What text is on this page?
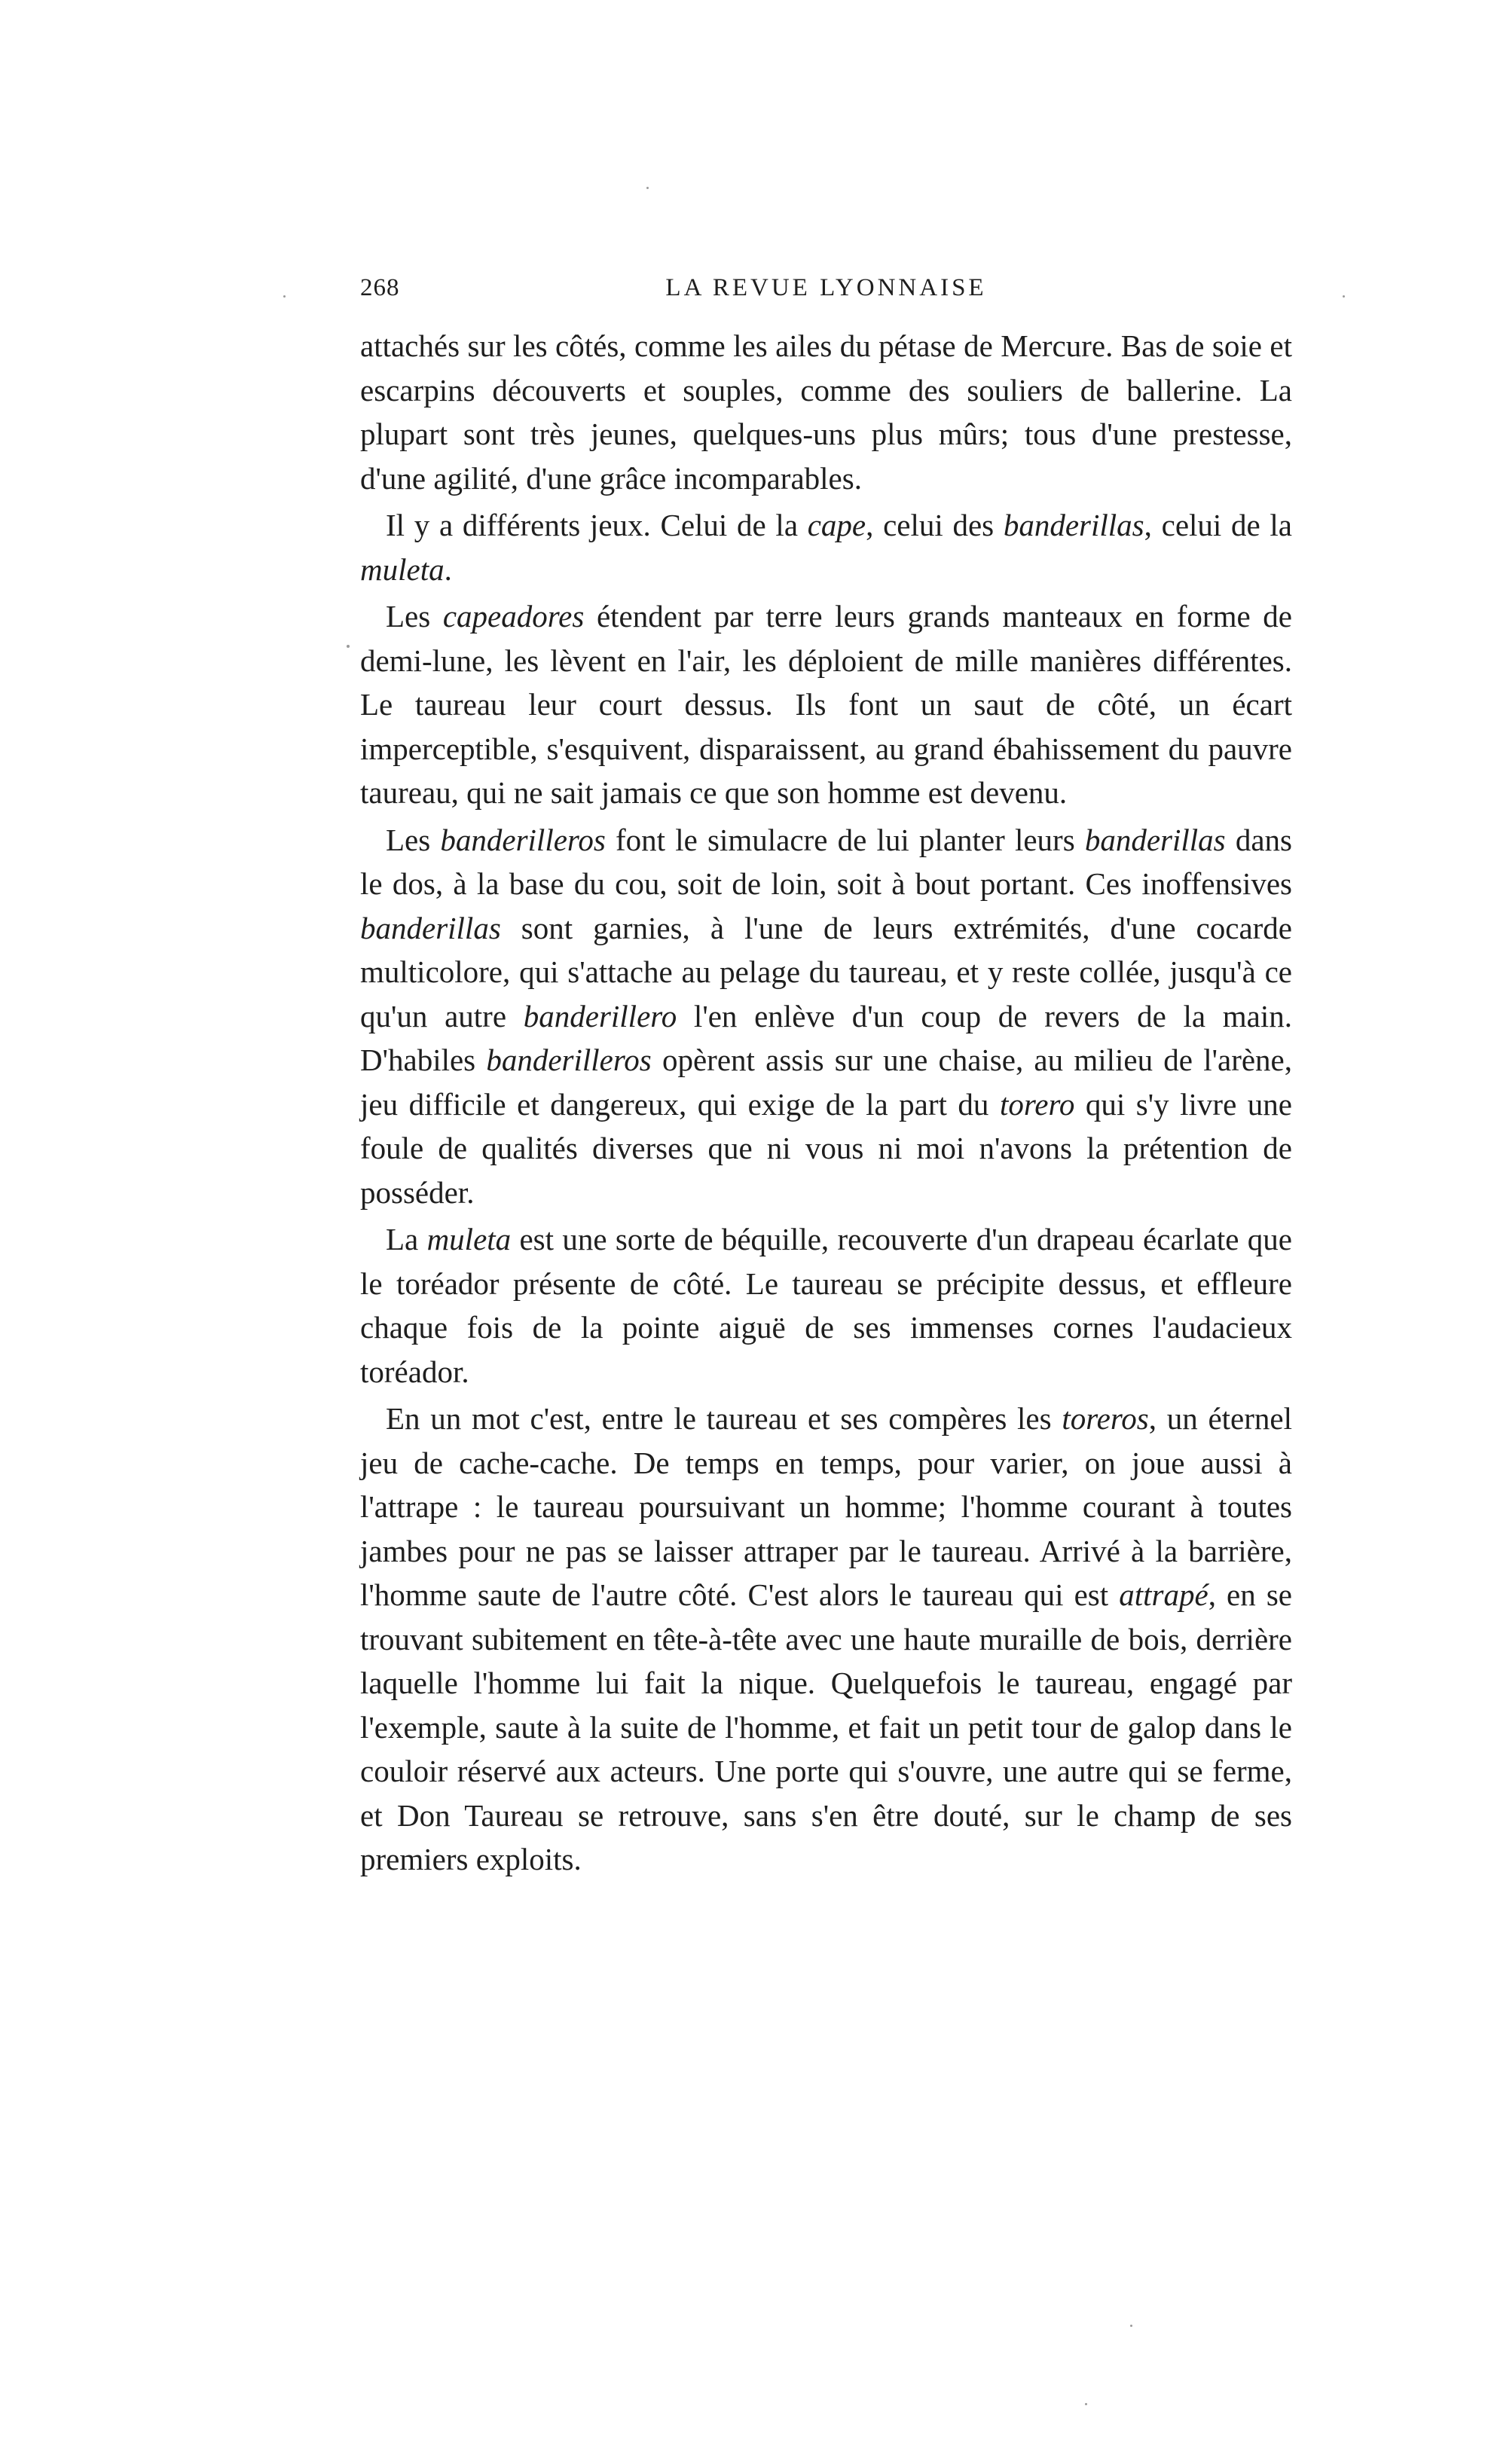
268	LA REVUE LYONNAISE

attachés sur les côtés, comme les ailes du pétase de Mercure. Bas de soie et escarpins découverts et souples, comme des souliers de ballerine. La plupart sont très jeunes, quelques-uns plus mûrs; tous d'une prestesse, d'une agilité, d'une grâce incomparables.

Il y a différents jeux. Celui de la cape, celui des banderillas, celui de la muleta.

Les capeadores étendent par terre leurs grands manteaux en forme de demi-lune, les lèvent en l'air, les déploient de mille manières différentes. Le taureau leur court dessus. Ils font un saut de côté, un écart imperceptible, s'esquivent, disparaissent, au grand ébahissement du pauvre taureau, qui ne sait jamais ce que son homme est devenu.

Les banderilleros font le simulacre de lui planter leurs banderillas dans le dos, à la base du cou, soit de loin, soit à bout portant. Ces inoffensives banderillas sont garnies, à l'une de leurs extrémités, d'une cocarde multicolore, qui s'attache au pelage du taureau, et y reste collée, jusqu'à ce qu'un autre banderillero l'en enlève d'un coup de revers de la main. D'habiles banderilleros opèrent assis sur une chaise, au milieu de l'arène, jeu difficile et dangereux, qui exige de la part du torero qui s'y livre une foule de qualités diverses que ni vous ni moi n'avons la prétention de posséder.

La muleta est une sorte de béquille, recouverte d'un drapeau écarlate que le toréador présente de côté. Le taureau se précipite dessus, et effleure chaque fois de la pointe aiguë de ses immenses cornes l'audacieux toréador.

En un mot c'est, entre le taureau et ses compères les toreros, un éternel jeu de cache-cache. De temps en temps, pour varier, on joue aussi à l'attrape : le taureau poursuivant un homme; l'homme courant à toutes jambes pour ne pas se laisser attraper par le taureau. Arrivé à la barrière, l'homme saute de l'autre côté. C'est alors le taureau qui est attrapé, en se trouvant subitement en tête-à-tête avec une haute muraille de bois, derrière laquelle l'homme lui fait la nique. Quelquefois le taureau, engagé par l'exemple, saute à la suite de l'homme, et fait un petit tour de galop dans le couloir réservé aux acteurs. Une porte qui s'ouvre, une autre qui se ferme, et Don Taureau se retrouve, sans s'en être douté, sur le champ de ses premiers exploits.
